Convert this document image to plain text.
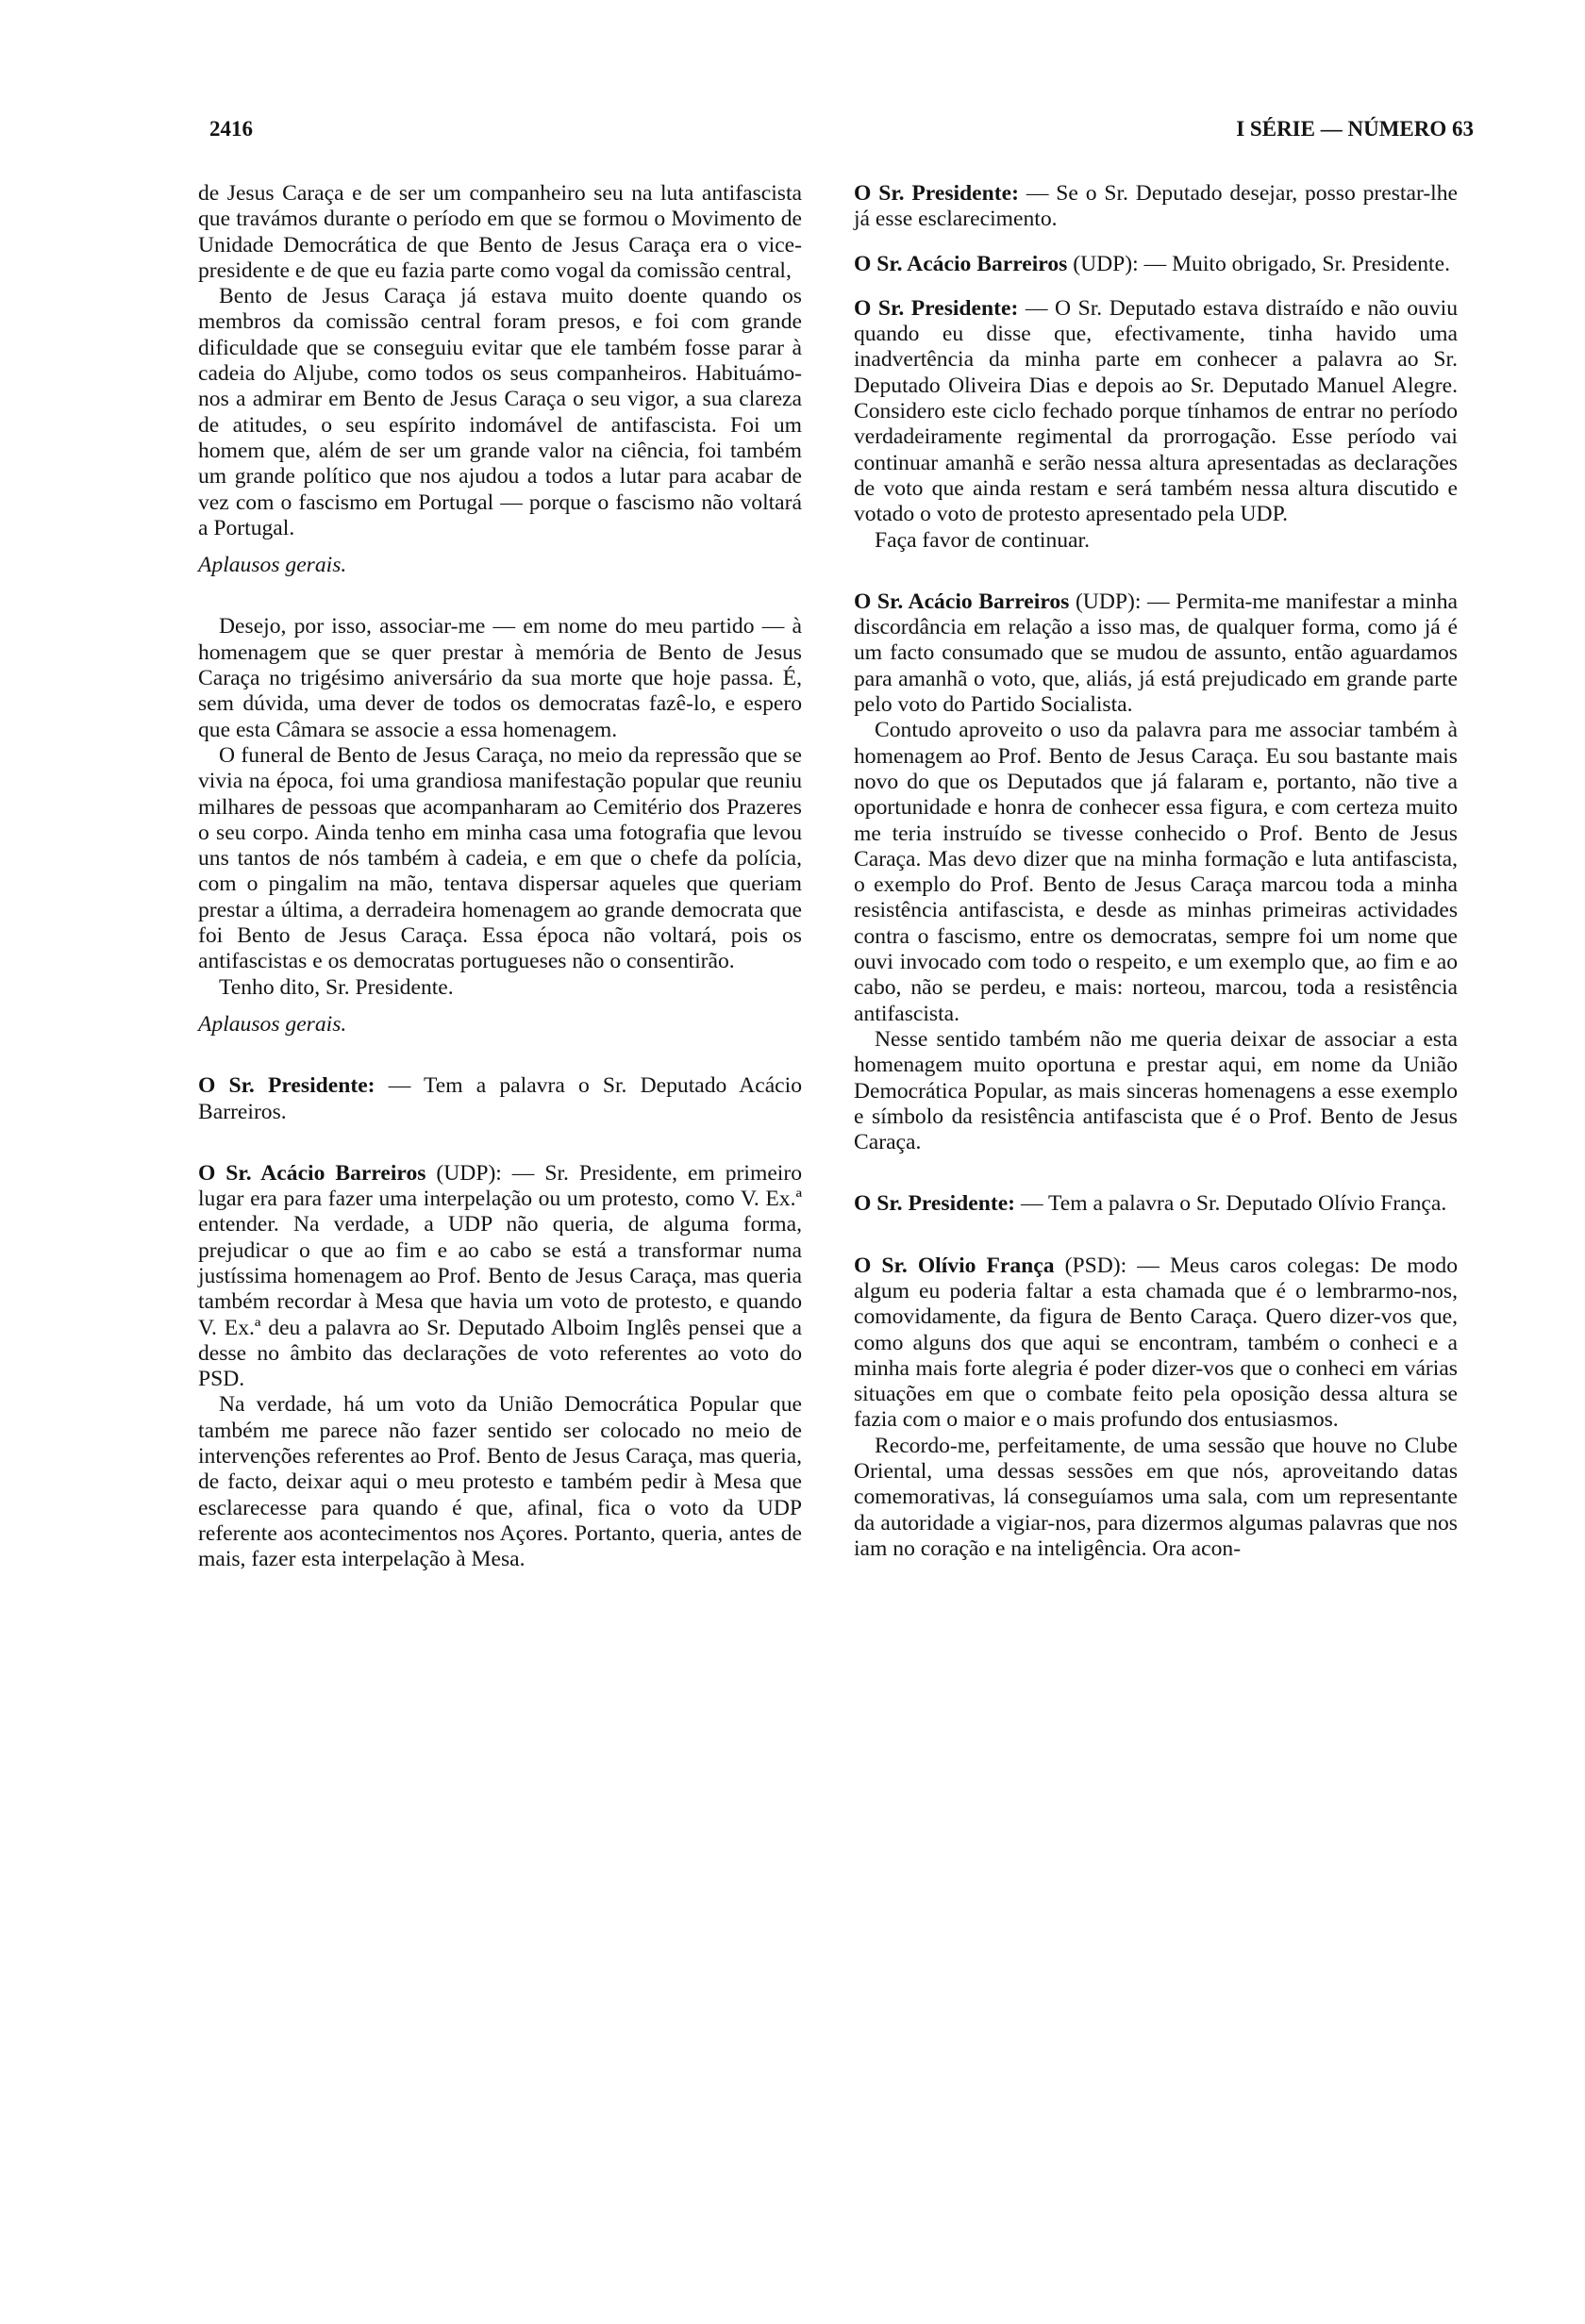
2416	I SÉRIE — NÚMERO 63

de Jesus Caraça e de ser um companheiro seu na luta antifascista que travámos durante o período em que se formou o Movimento de Unidade Democrática de que Bento de Jesus Caraça era o vice-presidente e de que eu fazia parte como vogal da comissão central,

Bento de Jesus Caraça já estava muito doente quando os membros da comissão central foram presos, e foi com grande dificuldade que se conseguiu evitar que ele também fosse parar à cadeia do Aljube, como todos os seus companheiros. Habituámo-nos a admirar em Bento de Jesus Caraça o seu vigor, a sua clareza de atitudes, o seu espírito indomável de antifascista. Foi um homem que, além de ser um grande valor na ciência, foi também um grande político que nos ajudou a todos a lutar para acabar de vez com o fascismo em Portugal — porque o fascismo não voltará a Portugal.

Aplausos gerais.

Desejo, por isso, associar-me — em nome do meu partido — à homenagem que se quer prestar à memória de Bento de Jesus Caraça no trigésimo aniversário da sua morte que hoje passa. É, sem dúvida, uma dever de todos os democratas fazê-lo, e espero que esta Câmara se associe a essa homenagem.

O funeral de Bento de Jesus Caraça, no meio da repressão que se vivia na época, foi uma grandiosa manifestação popular que reuniu milhares de pessoas que acompanharam ao Cemitério dos Prazeres o seu corpo. Ainda tenho em minha casa uma fotografia que levou uns tantos de nós também à cadeia, e em que o chefe da polícia, com o pingalim na mão, tentava dispersar aqueles que queriam prestar a última, a derradeira homenagem ao grande democrata que foi Bento de Jesus Caraça. Essa época não voltará, pois os antifascistas e os democratas portugueses não o consentirão.

Tenho dito, Sr. Presidente.

Aplausos gerais.

O Sr. Presidente: — Tem a palavra o Sr. Deputado Acácio Barreiros.

O Sr. Acácio Barreiros (UDP): — Sr. Presidente, em primeiro lugar era para fazer uma interpelação ou um protesto, como V. Ex.ª entender. Na verdade, a UDP não queria, de alguma forma, prejudicar o que ao fim e ao cabo se está a transformar numa justíssima homenagem ao Prof. Bento de Jesus Caraça, mas queria também recordar à Mesa que havia um voto de protesto, e quando V. Ex.ª deu a palavra ao Sr. Deputado Alboim Inglês pensei que a desse no âmbito das declarações de voto referentes ao voto do PSD.

Na verdade, há um voto da União Democrática Popular que também me parece não fazer sentido ser colocado no meio de intervenções referentes ao Prof. Bento de Jesus Caraça, mas queria, de facto, deixar aqui o meu protesto e também pedir à Mesa que esclarecesse para quando é que, afinal, fica o voto da UDP referente aos acontecimentos nos Açores. Portanto, queria, antes de mais, fazer esta interpelação à Mesa.

O Sr. Presidente: — Se o Sr. Deputado desejar, posso prestar-lhe já esse esclarecimento.

O Sr. Acácio Barreiros (UDP): — Muito obrigado, Sr. Presidente.

O Sr. Presidente: — O Sr. Deputado estava distraído e não ouviu quando eu disse que, efectivamente, tinha havido uma inadvertência da minha parte em conhecer a palavra ao Sr. Deputado Oliveira Dias e depois ao Sr. Deputado Manuel Alegre. Considero este ciclo fechado porque tínhamos de entrar no período verdadeiramente regimental da prorrogação. Esse período vai continuar amanhã e serão nessa altura apresentadas as declarações de voto que ainda restam e será também nessa altura discutido e votado o voto de protesto apresentado pela UDP.

Faça favor de continuar.

O Sr. Acácio Barreiros (UDP): — Permita-me manifestar a minha discordância em relação a isso mas, de qualquer forma, como já é um facto consumado que se mudou de assunto, então aguardamos para amanhã o voto, que, aliás, já está prejudicado em grande parte pelo voto do Partido Socialista.

Contudo aproveito o uso da palavra para me associar também à homenagem ao Prof. Bento de Jesus Caraça. Eu sou bastante mais novo do que os Deputados que já falaram e, portanto, não tive a oportunidade e honra de conhecer essa figura, e com certeza muito me teria instruído se tivesse conhecido o Prof. Bento de Jesus Caraça. Mas devo dizer que na minha formação e luta antifascista, o exemplo do Prof. Bento de Jesus Caraça marcou toda a minha resistência antifascista, e desde as minhas primeiras actividades contra o fascismo, entre os democratas, sempre foi um nome que ouvi invocado com todo o respeito, e um exemplo que, ao fim e ao cabo, não se perdeu, e mais: norteou, marcou, toda a resistência antifascista.

Nesse sentido também não me queria deixar de associar a esta homenagem muito oportuna e prestar aqui, em nome da União Democrática Popular, as mais sinceras homenagens a esse exemplo e símbolo da resistência antifascista que é o Prof. Bento de Jesus Caraça.

O Sr. Presidente: — Tem a palavra o Sr. Deputado Olívio França.

O Sr. Olívio França (PSD): — Meus caros colegas: De modo algum eu poderia faltar a esta chamada que é o lembrarmo-nos, comovidamente, da figura de Bento Caraça. Quero dizer-vos que, como alguns dos que aqui se encontram, também o conheci e a minha mais forte alegria é poder dizer-vos que o conheci em várias situações em que o combate feito pela oposição dessa altura se fazia com o maior e o mais profundo dos entusiasmos.

Recordo-me, perfeitamente, de uma sessão que houve no Clube Oriental, uma dessas sessões em que nós, aproveitando datas comemorativas, lá conseguíamos uma sala, com um representante da autoridade a vigiar-nos, para dizermos algumas palavras que nos iam no coração e na inteligência. Ora acon-
